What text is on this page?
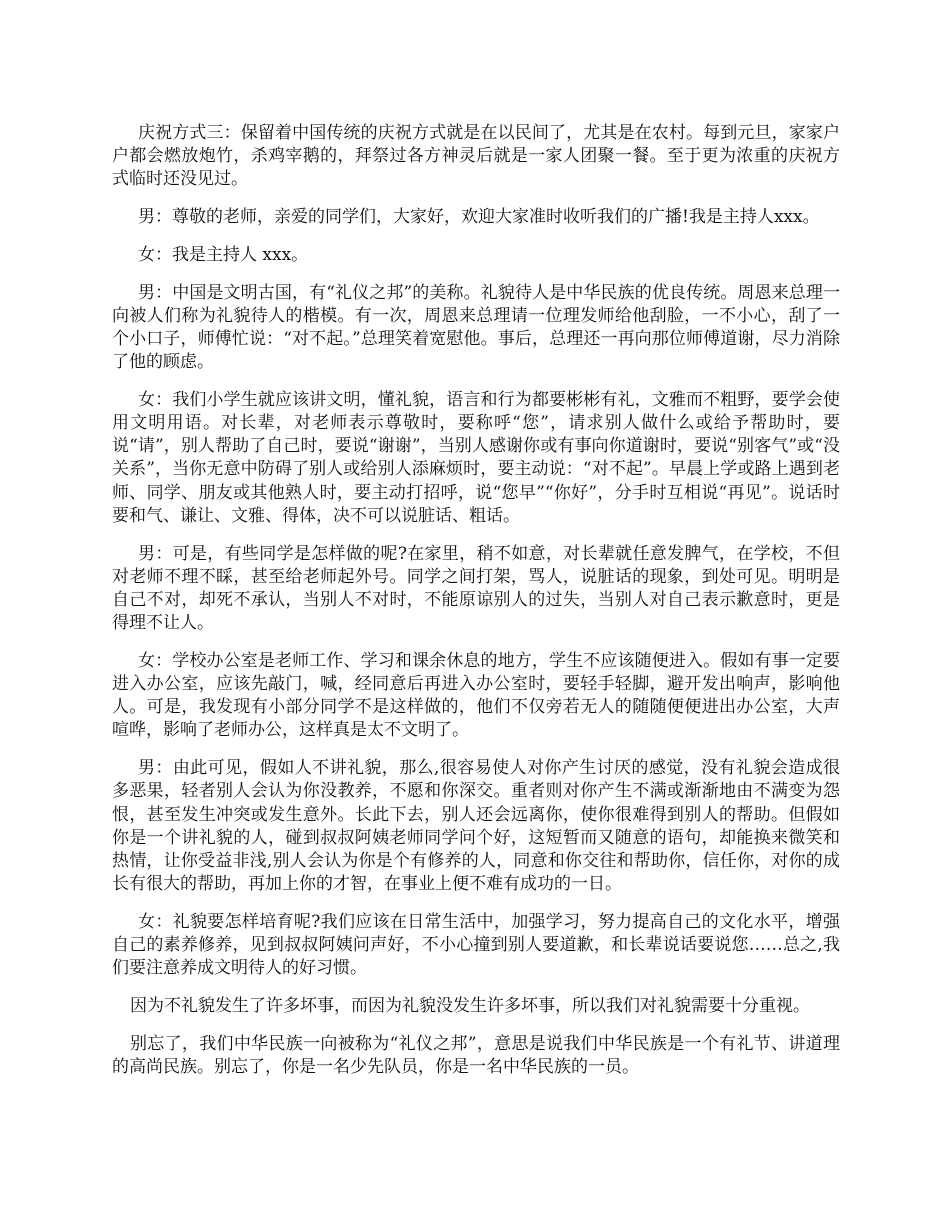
庆祝方式三：保留着中国传统的庆祝方式就是在以民间了，尤其是在农村。每到元旦，家家户户都会燃放炮竹，杀鸡宰鹅的，拜祭过各方神灵后就是一家人团聚一餐。至于更为浓重的庆祝方式临时还没见过。

男：尊敬的老师，亲爱的同学们，大家好，欢迎大家准时收听我们的广播!我是主持人xxx。

女：我是主持人 xxx。

男：中国是文明古国，有“礼仪之邦”的美称。礼貌待人是中华民族的优良传统。周恩来总理一向被人们称为礼貌待人的楷模。有一次，周恩来总理请一位理发师给他刮脸，一不小心，刮了一个小口子，师傅忙说：“对不起。”总理笑着宽慰他。事后，总理还一再向那位师傅道谢，尽力消除了他的顾虑。

女：我们小学生就应该讲文明，懂礼貌，语言和行为都要彬彬有礼，文雅而不粗野，要学会使用文明用语。对长辈，对老师表示尊敬时，要称呼“您”，请求别人做什么或给予帮助时，要说“请”，别人帮助了自己时，要说“谢谢”，当别人感谢你或有事向你道谢时，要说“别客气”或“没关系”，当你无意中防碍了别人或给别人添麻烦时，要主动说：“对不起”。早晨上学或路上遇到老师、同学、朋友或其他熟人时，要主动打招呼，说“您早”“你好”，分手时互相说“再见”。说话时要和气、谦让、文雅、得体，决不可以说脏话、粗话。

男：可是，有些同学是怎样做的呢?在家里，稍不如意，对长辈就任意发脾气，在学校，不但对老师不理不睬，甚至给老师起外号。同学之间打架，骂人，说脏话的现象，到处可见。明明是自己不对，却死不承认，当别人不对时，不能原谅别人的过失，当别人对自己表示歉意时，更是得理不让人。

女：学校办公室是老师工作、学习和课余休息的地方，学生不应该随便进入。假如有事一定要进入办公室，应该先敲门，喊，经同意后再进入办公室时，要轻手轻脚，避开发出响声，影响他人。可是，我发现有小部分同学不是这样做的，他们不仅旁若无人的随随便便进出办公室，大声喧哗，影响了老师办公，这样真是太不文明了。

男：由此可见，假如人不讲礼貌，那么,很容易使人对你产生讨厌的感觉，没有礼貌会造成很多恶果，轻者别人会认为你没教养，不愿和你深交。重者则对你产生不满或渐渐地由不满变为怨恨，甚至发生冲突或发生意外。长此下去，别人还会远离你，使你很难得到别人的帮助。但假如你是一个讲礼貌的人，碰到叔叔阿姨老师同学问个好，这短暂而又随意的语句，却能换来微笑和热情，让你受益非浅,别人会认为你是个有修养的人，同意和你交往和帮助你，信任你，对你的成长有很大的帮助，再加上你的才智，在事业上便不难有成功的一日。

女：礼貌要怎样培育呢?我们应该在日常生活中，加强学习，努力提高自己的文化水平，增强自己的素养修养，见到叔叔阿姨问声好，不小心撞到别人要道歉，和长辈说话要说您……总之,我们要注意养成文明待人的好习惯。

因为不礼貌发生了许多坏事，而因为礼貌没发生许多坏事，所以我们对礼貌需要十分重视。

别忘了，我们中华民族一向被称为“礼仪之邦”，意思是说我们中华民族是一个有礼节、讲道理的高尚民族。别忘了，你是一名少先队员，你是一名中华民族的一员。
